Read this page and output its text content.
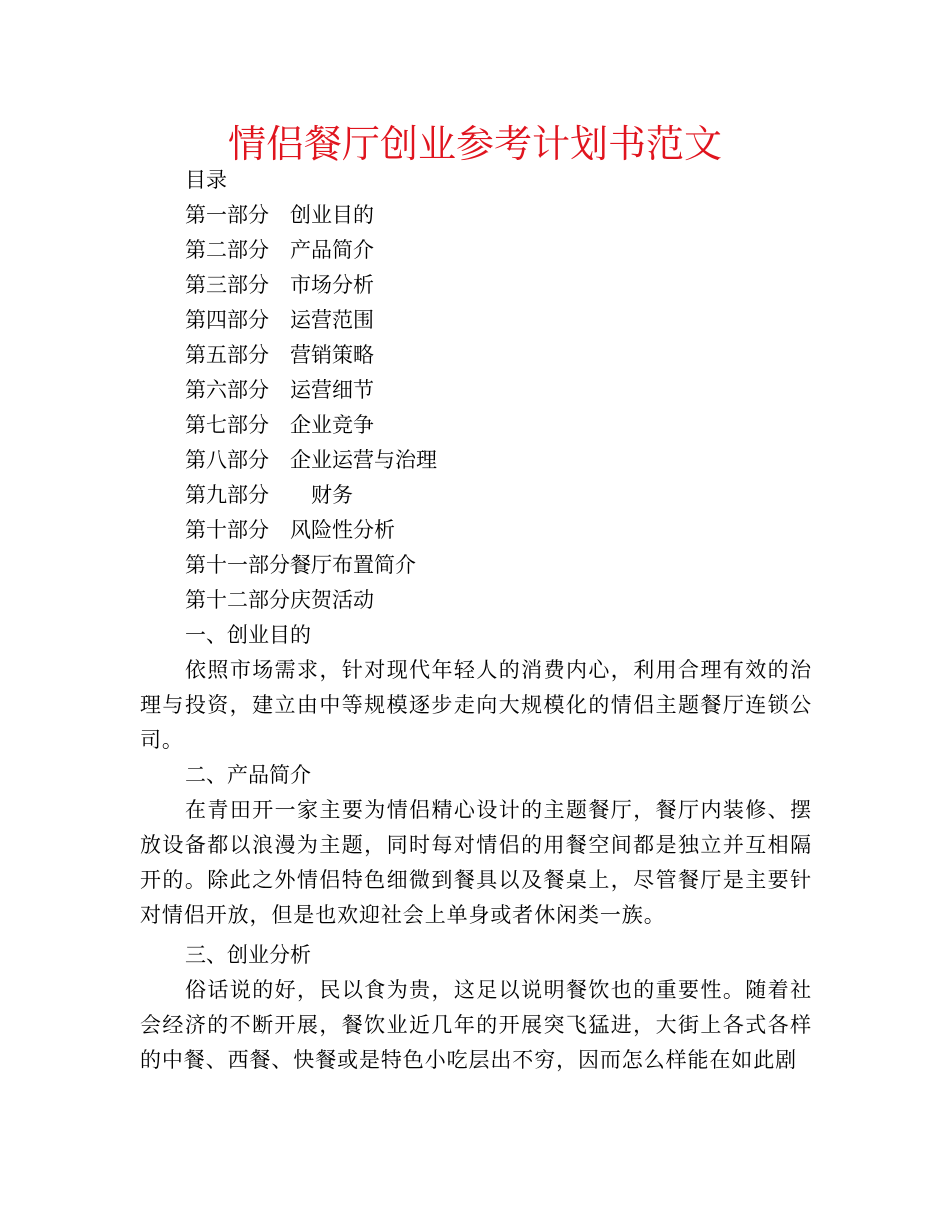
情侣餐厅创业参考计划书范文
目录
第一部分　创业目的
第二部分　产品简介
第三部分　市场分析
第四部分　运营范围
第五部分　营销策略
第六部分　运营细节
第七部分　企业竞争
第八部分　企业运营与治理
第九部分　　财务
第十部分　风险性分析
第十一部分餐厅布置简介
第十二部分庆贺活动

一、创业目的

依照市场需求，针对现代年轻人的消费内心，利用合理有效的治理与投资，建立由中等规模逐步走向大规模化的情侣主题餐厅连锁公司。

二、产品简介

在青田开一家主要为情侣精心设计的主题餐厅，餐厅内装修、摆放设备都以浪漫为主题，同时每对情侣的用餐空间都是独立并互相隔开的。除此之外情侣特色细微到餐具以及餐桌上，尽管餐厅是主要针对情侣开放，但是也欢迎社会上单身或者休闲类一族。

三、创业分析

俗话说的好，民以食为贵，这足以说明餐饮也的重要性。随着社会经济的不断开展，餐饮业近几年的开展突飞猛进，大街上各式各样的中餐、西餐、快餐或是特色小吃层出不穷，因而怎么样能在如此剧
